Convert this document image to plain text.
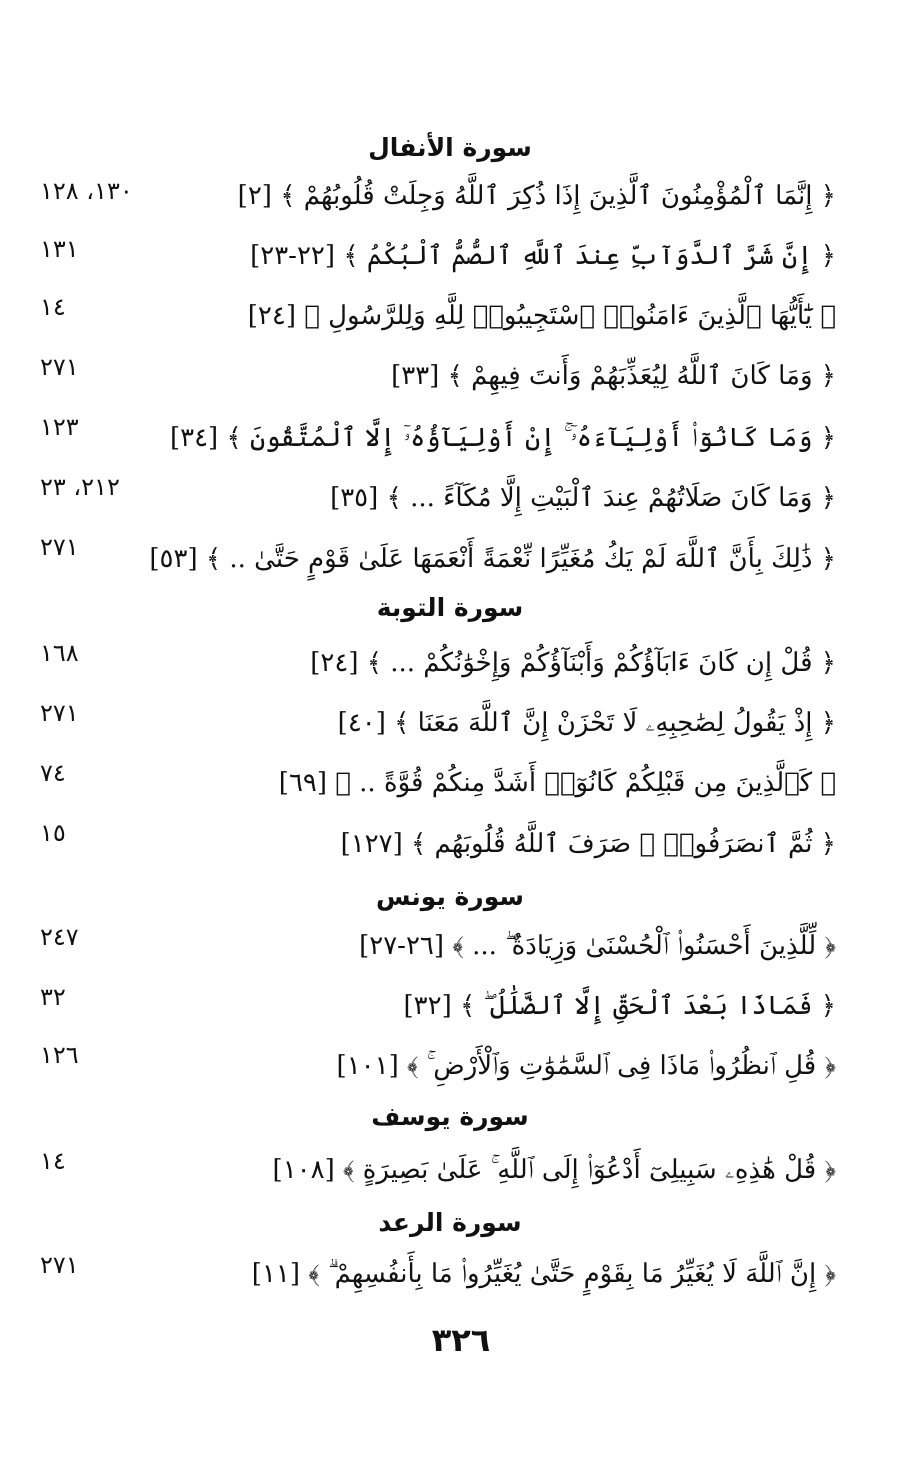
سورة الأنفال
﴿ إِنَّمَا ٱلْمُؤْمِنُونَ ٱلَّذِينَ إِذَا ذُكِرَ ٱللَّهُ وَجِلَتْ قُلُوبُهُمْ ﴾ [٢]
١٣٠، ١٢٨
﴿ إِنَّ شَرَّ ٱلدَّوَآبِّ عِندَ ٱللَّهِ ٱلصُّمُّ ٱلْبُكْمُ ﴾ [٢٢-٢٣]
١٣١
﴿ يَٰٓأَيُّهَا ٱلَّذِينَ ءَامَنُوا۟ ٱسْتَجِيبُوا۟ لِلَّهِ وَلِلرَّسُولِ ﴾ [٢٤]
١٤
﴿ وَمَا كَانَ ٱللَّهُ لِيُعَذِّبَهُمْ وَأَنتَ فِيهِمْ ﴾ [٣٣]
٢٧١
﴿ وَمَا كَانُوٓا۟ أَوْلِيَآءَهُۥٓ ۚ إِنْ أَوْلِيَآؤُهُۥٓ إِلَّا ٱلْمُتَّقُونَ ﴾ [٣٤]
١٢٣
﴿ وَمَا كَانَ صَلَاتُهُمْ عِندَ ٱلْبَيْتِ إِلَّا مُكَآءً ... ﴾ [٣٥]
٢١٢، ٢٣
﴿ ذَٰلِكَ بِأَنَّ ٱللَّهَ لَمْ يَكُ مُغَيِّرًا نِّعْمَةً أَنْعَمَهَا عَلَىٰ قَوْمٍ حَتَّىٰ .. ﴾ [٥٣]
٢٧١
سورة التوبة
﴿ قُلْ إِن كَانَ ءَابَآؤُكُمْ وَأَبْنَآؤُكُمْ وَإِخْوَٰنُكُمْ ... ﴾ [٢٤]
١٦٨
﴿ إِذْ يَقُولُ لِصَٰحِبِهِۦ لَا تَحْزَنْ إِنَّ ٱللَّهَ مَعَنَا ﴾ [٤٠]
٢٧١
﴿ كَٱلَّذِينَ مِن قَبْلِكُمْ كَانُوٓا۟ أَشَدَّ مِنكُمْ قُوَّةً .. ﴾ [٦٩]
٧٤
﴿ ثُمَّ ٱنصَرَفُوا۟ ۚ صَرَفَ ٱللَّهُ قُلُوبَهُم ﴾ [١٢٧]
١٥
سورة يونس
﴿ لِّلَّذِينَ أَحْسَنُوا۟ ٱلْحُسْنَىٰ وَزِيَادَةٌ ۖ ... ﴾ [٢٦-٢٧]
٢٤٧
﴿ فَمَاذَا بَعْدَ ٱلْحَقِّ إِلَّا ٱلضَّلَٰلُ ۖ ﴾ [٣٢]
٣٢
﴿ قُلِ ٱنظُرُوا۟ مَاذَا فِى ٱلسَّمَٰوَٰتِ وَٱلْأَرْضِ ۚ ﴾ [١٠١]
١٢٦
سورة يوسف
﴿ قُلْ هَٰذِهِۦ سَبِيلِىٓ أَدْعُوٓا۟ إِلَى ٱللَّهِ ۚ عَلَىٰ بَصِيرَةٍ ﴾ [١٠٨]
١٤
سورة الرعد
﴿ إِنَّ ٱللَّهَ لَا يُغَيِّرُ مَا بِقَوْمٍ حَتَّىٰ يُغَيِّرُوا۟ مَا بِأَنفُسِهِمْ ۗ ﴾ [١١]
٢٧١
٣٢٦
